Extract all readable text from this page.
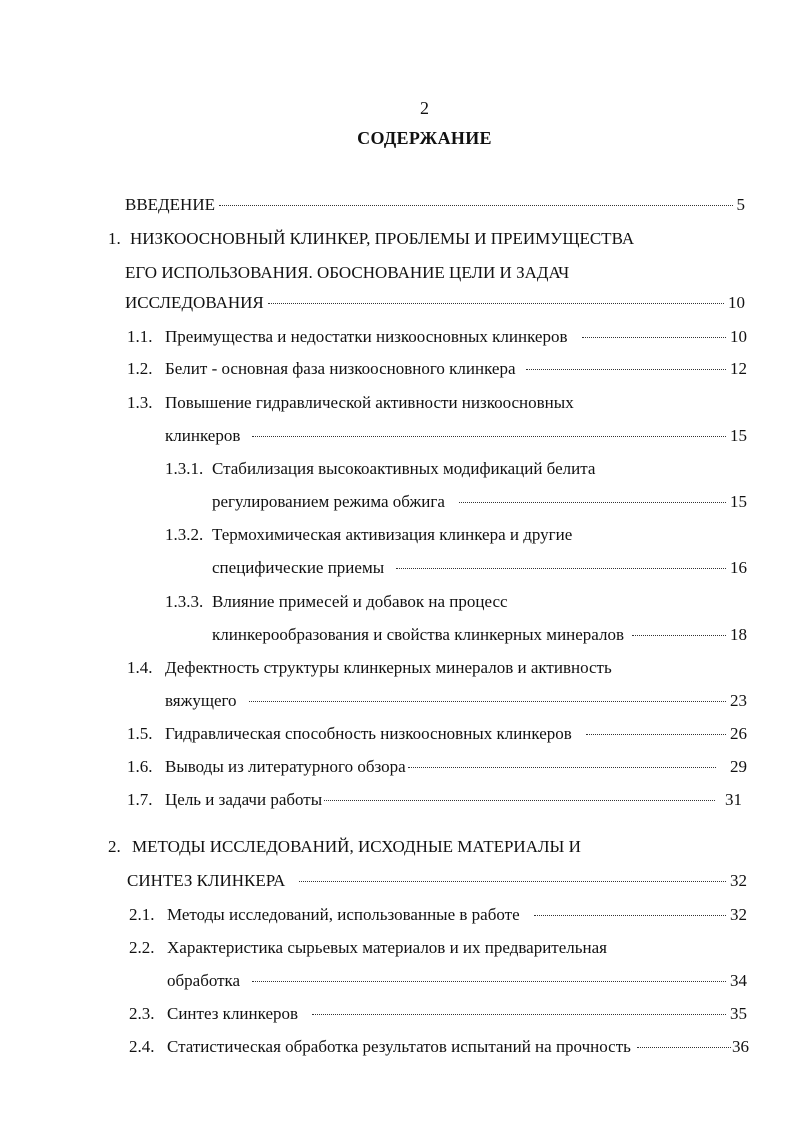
2
СОДЕРЖАНИЕ
ВВЕДЕНИЕ	5
1. НИЗКООСНОВНЫЙ КЛИНКЕР, ПРОБЛЕМЫ И ПРЕИМУЩЕСТВА
ЕГО ИСПОЛЬЗОВАНИЯ. ОБОСНОВАНИЕ ЦЕЛИ И ЗАДАЧ
ИССЛЕДОВАНИЯ	10
1.1. Преимущества и недостатки низкоосновных клинкеров	10
1.2. Белит - основная фаза низкоосновного клинкера	12
1.3. Повышение гидравлической активности низкоосновных
клинкеров	15
1.3.1. Стабилизация высокоактивных модификаций белита
регулированием режима обжига	15
1.3.2. Термохимическая активизация клинкера и другие
специфические приемы	16
1.3.3. Влияние примесей и добавок на процесс
клинкерообразования и свойства клинкерных минералов	18
1.4. Дефектность структуры клинкерных минералов и активность
вяжущего	23
1.5. Гидравлическая способность низкоосновных клинкеров	26
1.6. Выводы из литературного обзора	29
1.7. Цель и задачи работы	31
2. МЕТОДЫ ИССЛЕДОВАНИЙ, ИСХОДНЫЕ МАТЕРИАЛЫ И
СИНТЕЗ КЛИНКЕРА	32
2.1. Методы исследований, использованные в работе	32
2.2. Характеристика сырьевых материалов и их предварительная
обработка	34
2.3. Синтез клинкеров	35
2.4. Статистическая обработка результатов испытаний на прочность	36
